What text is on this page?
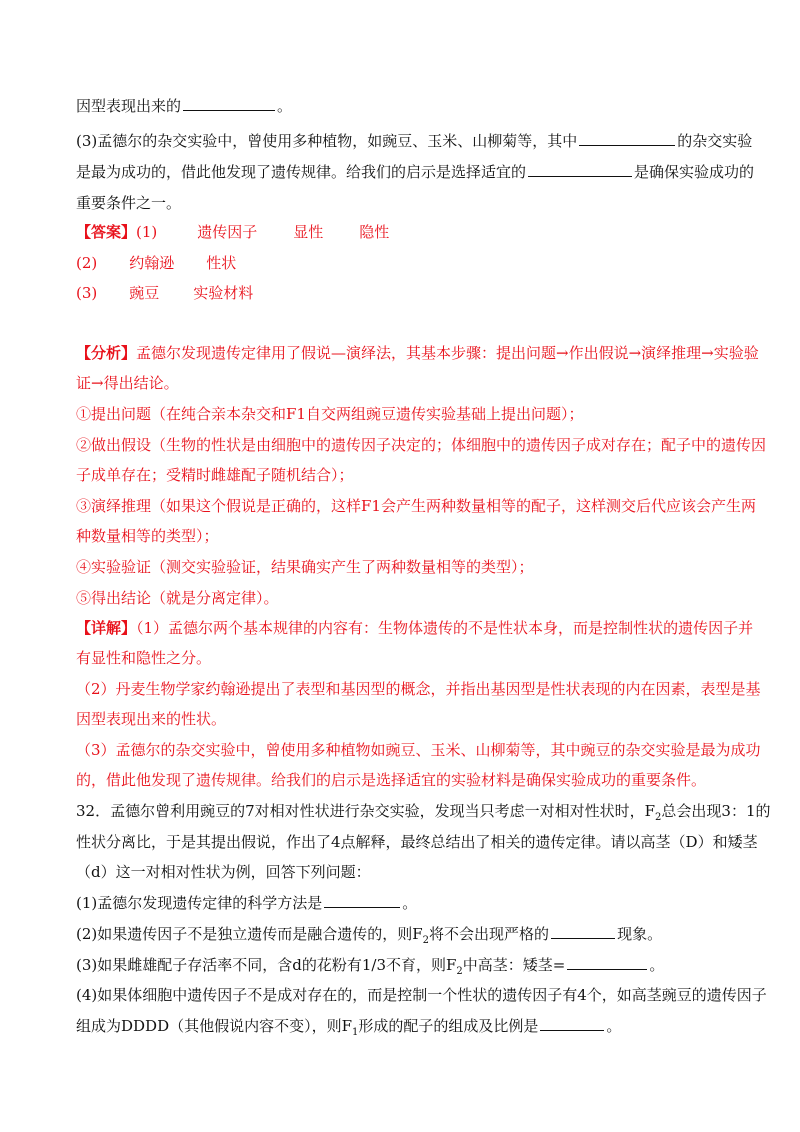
因型表现出来的	。
(3)孟德尔的杂交实验中，曾使用多种植物，如豌豆、玉米、山柳菊等，其中	的杂交实验
是最为成功的，借此他发现了遗传规律。给我们的启示是选择适宜的	是确保实验成功的
重要条件之一。
【答案】(1)	遗传因子 显性 隐性
(2) 约翰逊 性状
(3) 豌豆 实验材料
【分析】孟德尔发现遗传定律用了假说—演绎法，其基本步骤：提出问题→作出假说→演绎推理→实验验
证→得出结论。
①提出问题（在纯合亲本杂交和F1自交两组豌豆遗传实验基础上提出问题）；
②做出假设（生物的性状是由细胞中的遗传因子决定的；体细胞中的遗传因子成对存在；配子中的遗传因
子成单存在；受精时雌雄配子随机结合）；
③演绎推理（如果这个假说是正确的，这样F1会产生两种数量相等的配子，这样测交后代应该会产生两
种数量相等的类型）；
④实验验证（测交实验验证，结果确实产生了两种数量相等的类型）；
⑤得出结论（就是分离定律）。
【详解】（1）孟德尔两个基本规律的内容有：生物体遗传的不是性状本身，而是控制性状的遗传因子并
有显性和隐性之分。
（2）丹麦生物学家约翰逊提出了表型和基因型的概念，并指出基因型是性状表现的内在因素，表型是基
因型表现出来的性状。
（3）孟德尔的杂交实验中，曾使用多种植物如豌豆、玉米、山柳菊等，其中豌豆的杂交实验是最为成功
的，借此他发现了遗传规律。给我们的启示是选择适宜的实验材料是确保实验成功的重要条件。
32．孟德尔曾利用豌豆的7对相对性状进行杂交实验，发现当只考虑一对相对性状时，$F_2$总会出现3：1的
性状分离比，于是其提出假说，作出了4点解释，最终总结出了相关的遗传定律。请以高茎（D）和矮茎
（d）这一对相对性状为例，回答下列问题：
(1)孟德尔发现遗传定律的科学方法是	。
(2)如果遗传因子不是独立遗传而是融合遗传的，则$F_2$将不会出现严格的	现象。
(3)如果雌雄配子存活率不同，含d的花粉有1/3不育，则$F_2$中高茎：矮茎=	。
(4)如果体细胞中遗传因子不是成对存在的，而是控制一个性状的遗传因子有4个，如高茎豌豆的遗传因子
组成为DDDD（其他假说内容不变），则$F_1$形成的配子的组成及比例是	。
